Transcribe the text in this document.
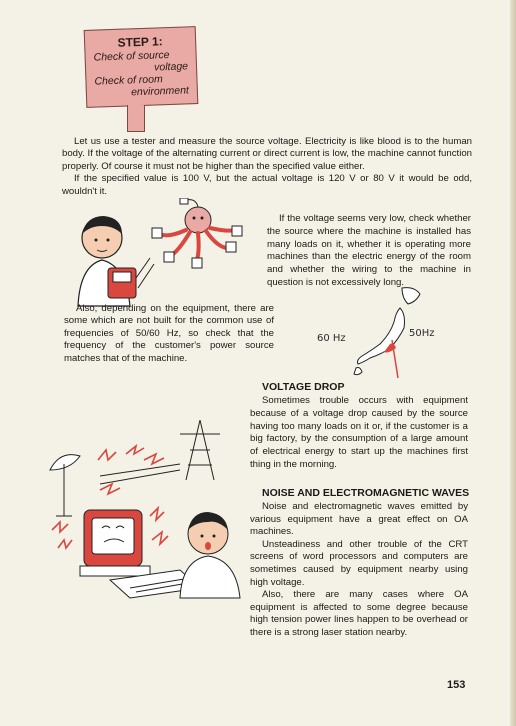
STEP 1:
Check of source
voltage
Check of room
environment

Let us use a tester and measure the source voltage. Electricity is like blood is to the human body. If the voltage of the alternating current or direct current is low, the machine cannot function properly. Of course it must not be higher than the specified value either.

If the specified value is 100 V, but the actual voltage is 120 V or 80 V it would be odd, wouldn't it.

If the voltage seems very low, check whether the source where the machine is installed has many loads on it, whether it is operating more machines than the electric energy of the room and whether the wiring to the machine in question is not excessively long.

Also, depending on the equipment, there are some which are not built for the common use of frequencies of 50/60 Hz, so check that the frequency of the customer's power source matches that of the machine.

60 Hz	50Hz
VOLTAGE DROP

Sometimes trouble occurs with equipment because of a voltage drop caused by the source having too many loads on it or, if the customer is a big factory, by the consumption of a large amount of electrical energy to start up the machines first thing in the morning.

NOISE AND ELECTROMAGNETIC WAVES

Noise and electromagnetic waves emitted by various equipment have a great effect on OA machines.

Unsteadiness and other trouble of the CRT screens of word processors and computers are sometimes caused by equipment nearby using high voltage.

Also, there are many cases where OA equipment is affected to some degree because high tension power lines happen to be overhead or there is a strong laser station nearby.

153
